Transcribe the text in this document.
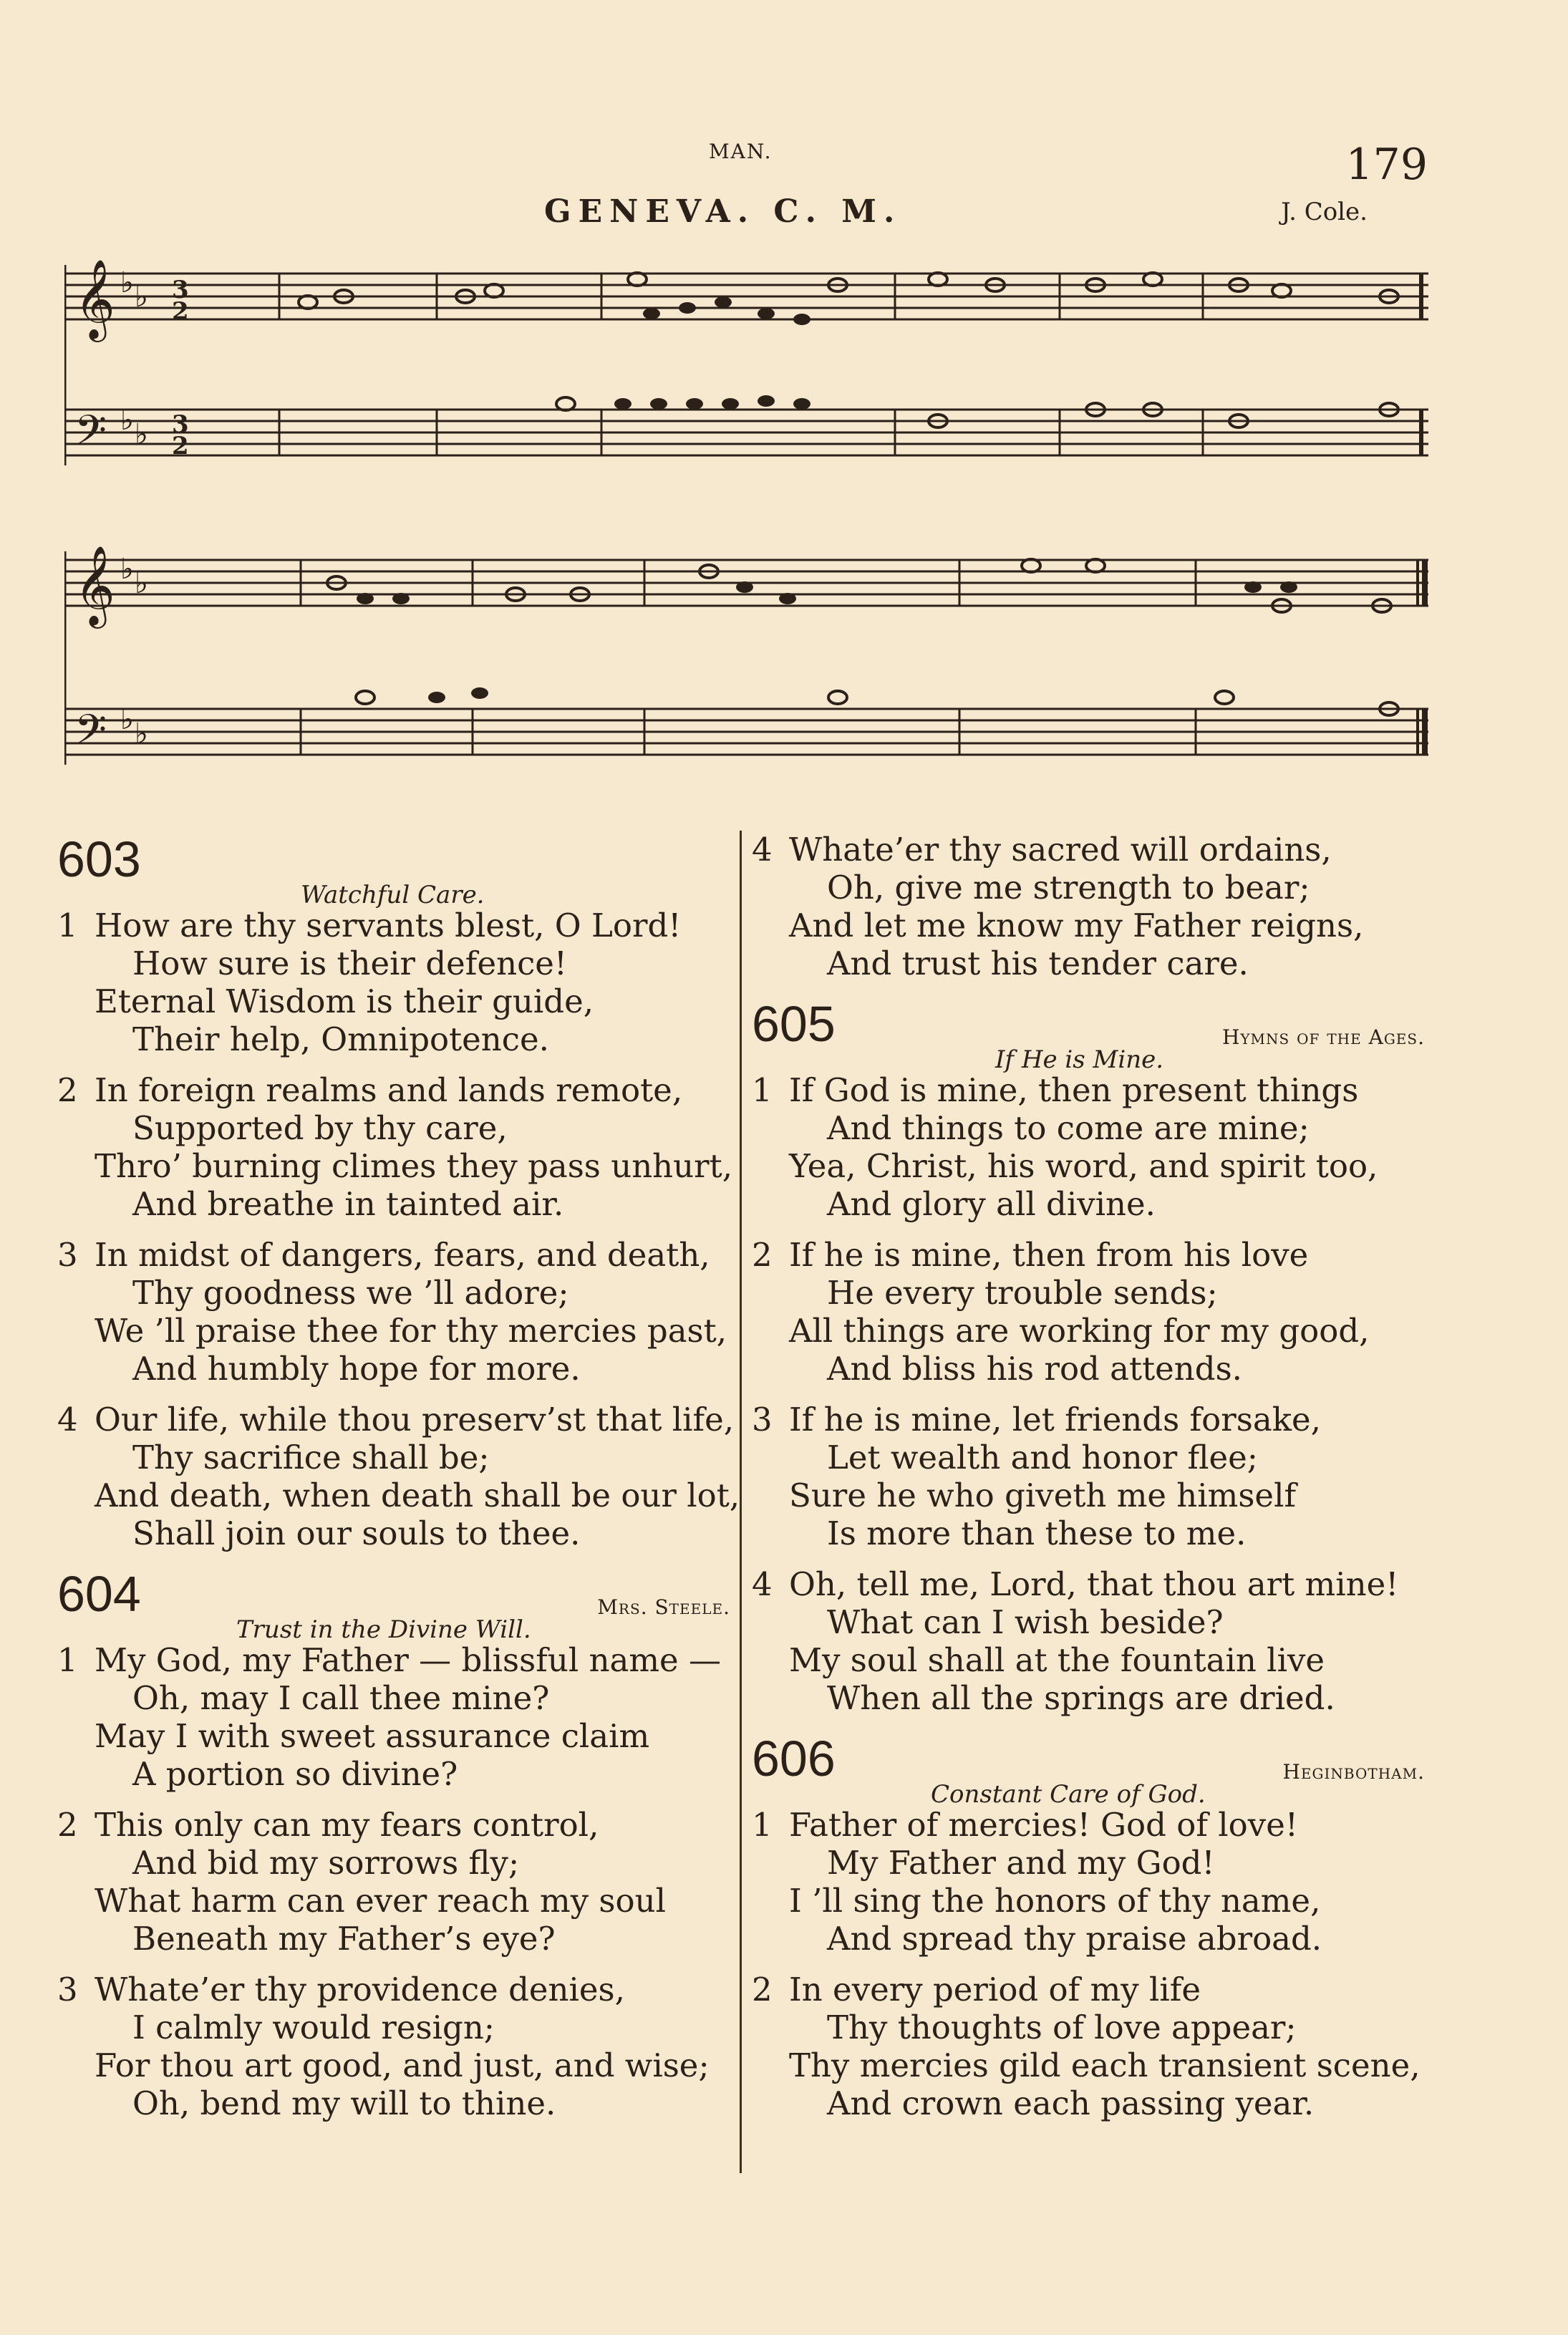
MAN.	179
GENEVA. C. M.	J. Cole.
𝄞
𝄢
♭ ♭
♭ ♭
3
2
3
2
𝄞
𝄢
♭ ♭
♭ ♭
603
Watchful Care.
1 How are thy servants blest, O Lord!
How sure is their defence!
Eternal Wisdom is their guide,
Their help, Omnipotence.
2 In foreign realms and lands remote,
Supported by thy care,
Thro’ burning climes they pass unhurt,
And breathe in tainted air.
3 In midst of dangers, fears, and death,
Thy goodness we ’ll adore;
We ’ll praise thee for thy mercies past,
And humbly hope for more.
4 Our life, while thou preserv’st that life,
Thy sacrifice shall be;
And death, when death shall be our lot,
Shall join our souls to thee.
604	Mrs. Steele.
Trust in the Divine Will.
1 My God, my Father — blissful name —
Oh, may I call thee mine?
May I with sweet assurance claim
A portion so divine?
2 This only can my fears control,
And bid my sorrows fly;
What harm can ever reach my soul
Beneath my Father’s eye?
3 Whate’er thy providence denies,
I calmly would resign;
For thou art good, and just, and wise;
Oh, bend my will to thine.
4 Whate’er thy sacred will ordains,
Oh, give me strength to bear;
And let me know my Father reigns,
And trust his tender care.
605	Hymns of the Ages.
If He is Mine.
1 If God is mine, then present things
And things to come are mine;
Yea, Christ, his word, and spirit too,
And glory all divine.
2 If he is mine, then from his love
He every trouble sends;
All things are working for my good,
And bliss his rod attends.
3 If he is mine, let friends forsake,
Let wealth and honor flee;
Sure he who giveth me himself
Is more than these to me.
4 Oh, tell me, Lord, that thou art mine!
What can I wish beside?
My soul shall at the fountain live
When all the springs are dried.
606	Heginbotham.
Constant Care of God.
1 Father of mercies! God of love!
My Father and my God!
I ’ll sing the honors of thy name,
And spread thy praise abroad.
2 In every period of my life
Thy thoughts of love appear;
Thy mercies gild each transient scene,
And crown each passing year.
